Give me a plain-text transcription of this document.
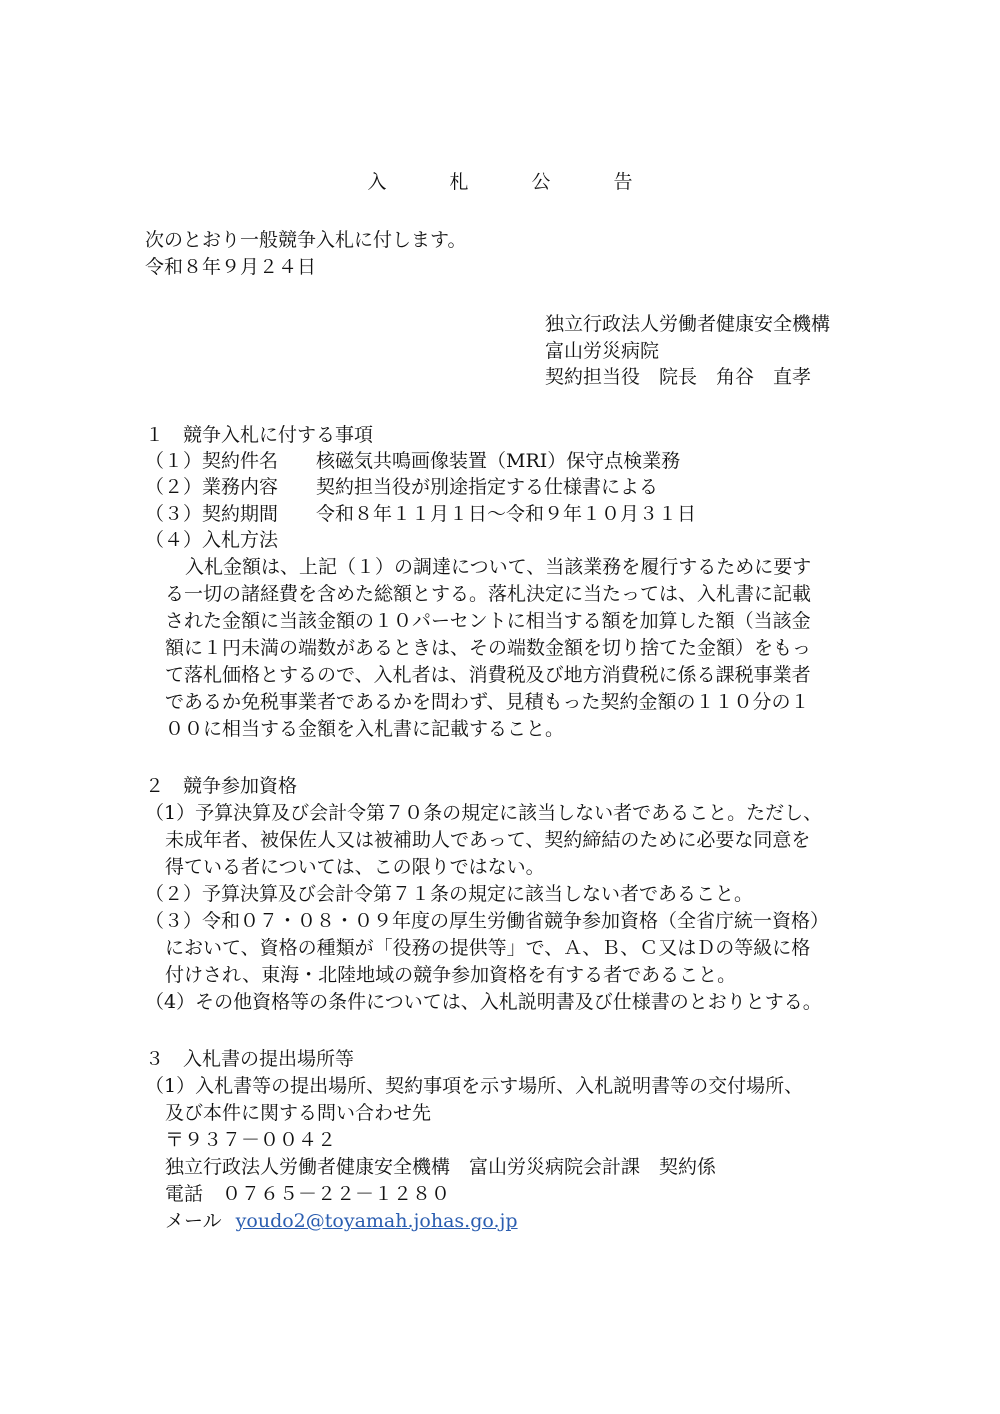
入　札　公　告
次のとおり一般競争入札に付します。
令和８年９月２４日
独立行政法人労働者健康安全機構
富山労災病院
契約担当役　院長　角谷　直孝
１　競争入札に付する事項
（１）契約件名　　核磁気共鳴画像装置（MRI）保守点検業務
（２）業務内容　　契約担当役が別途指定する仕様書による
（３）契約期間　　令和８年１１月１日～令和９年１０月３１日
（４）入札方法
入札金額は、上記（１）の調達について、当該業務を履行するために要す
る一切の諸経費を含めた総額とする。落札決定に当たっては、入札書に記載
された金額に当該金額の１０パーセントに相当する額を加算した額（当該金
額に１円未満の端数があるときは、その端数金額を切り捨てた金額）をもっ
て落札価格とするので、入札者は、消費税及び地方消費税に係る課税事業者
であるか免税事業者であるかを問わず、見積もった契約金額の１１０分の１
００に相当する金額を入札書に記載すること。
２　競争参加資格
（1）予算決算及び会計令第７０条の規定に該当しない者であること。ただし、
未成年者、被保佐人又は被補助人であって、契約締結のために必要な同意を
得ている者については、この限りではない。
（２）予算決算及び会計令第７１条の規定に該当しない者であること。
（３）令和０７・０８・０９年度の厚生労働省競争参加資格（全省庁統一資格）
において、資格の種類が「役務の提供等」で、Ａ、Ｂ、Ｃ又はＤの等級に格
付けされ、東海・北陸地域の競争参加資格を有する者であること。
（4）その他資格等の条件については、入札説明書及び仕様書のとおりとする。
３　入札書の提出場所等
（1）入札書等の提出場所、契約事項を示す場所、入札説明書等の交付場所、
及び本件に関する問い合わせ先
〒９３７－００４２
独立行政法人労働者健康安全機構　富山労災病院会計課　契約係
電話　０７６５－２２－１２８０
メール youdo2@toyamah.johas.go.jp
